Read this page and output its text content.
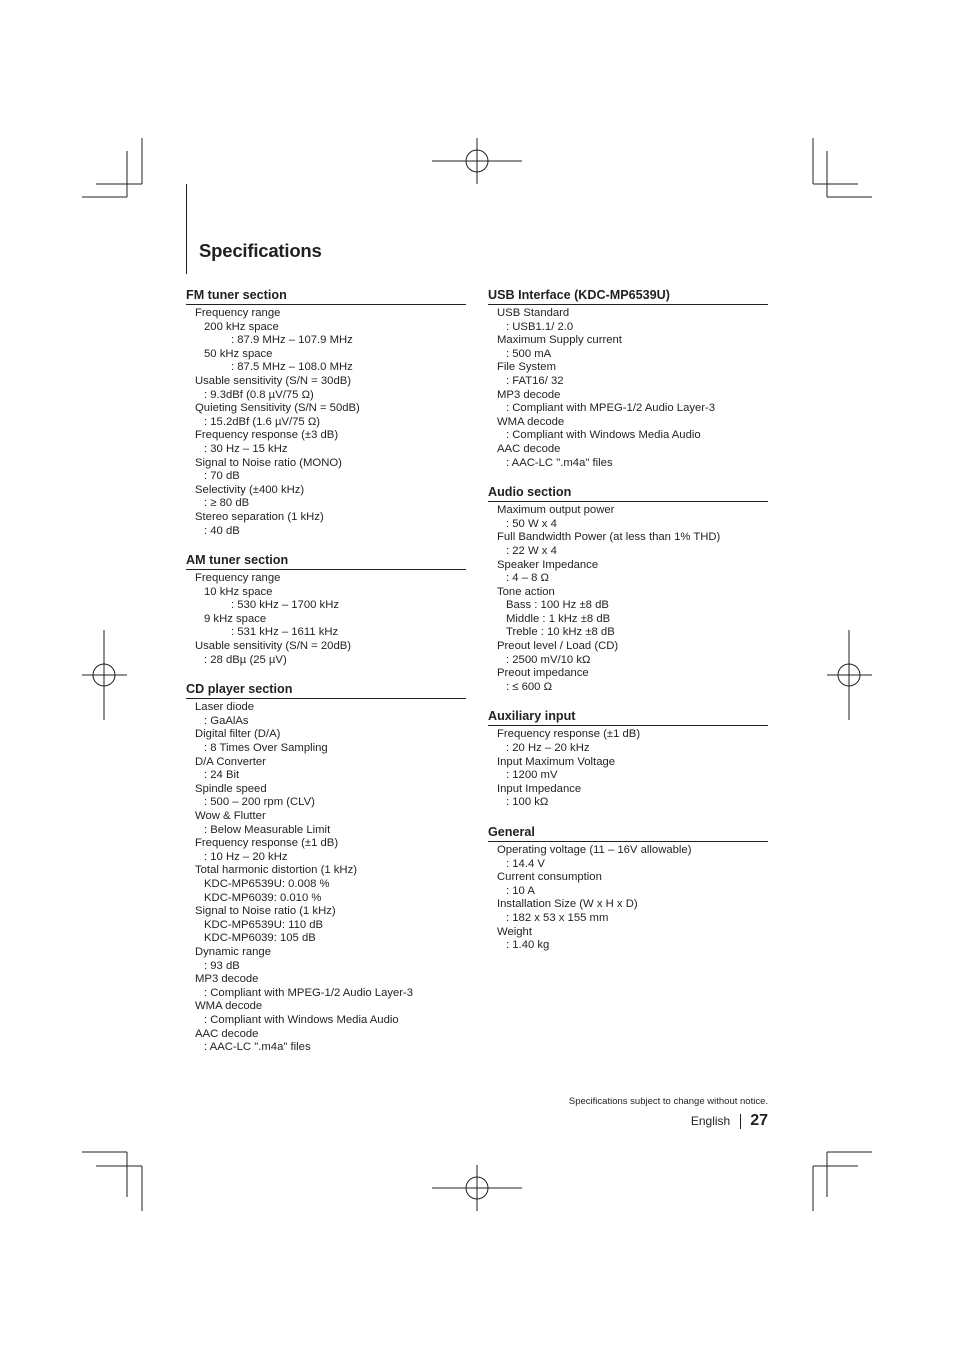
Specifications
FM tuner section
Frequency range
200 kHz space
: 87.9 MHz – 107.9 MHz
50 kHz space
: 87.5 MHz – 108.0 MHz
Usable sensitivity (S/N = 30dB)
: 9.3dBf (0.8 µV/75 Ω)
Quieting Sensitivity (S/N = 50dB)
: 15.2dBf (1.6 µV/75 Ω)
Frequency response (±3 dB)
: 30 Hz – 15 kHz
Signal to Noise ratio (MONO)
: 70 dB
Selectivity (±400 kHz)
: ≥ 80 dB
Stereo separation (1 kHz)
: 40 dB
AM tuner section
Frequency range
10 kHz space
: 530 kHz – 1700 kHz
9 kHz space
: 531 kHz – 1611 kHz
Usable sensitivity (S/N = 20dB)
: 28 dBµ (25 µV)
CD player section
Laser diode
: GaAlAs
Digital filter (D/A)
: 8 Times Over Sampling
D/A Converter
: 24 Bit
Spindle speed
: 500 – 200 rpm (CLV)
Wow & Flutter
: Below Measurable Limit
Frequency response (±1 dB)
: 10 Hz – 20 kHz
Total harmonic distortion (1 kHz)
KDC-MP6539U: 0.008 %
KDC-MP6039: 0.010 %
Signal to Noise ratio (1 kHz)
KDC-MP6539U: 110 dB
KDC-MP6039: 105 dB
Dynamic range
: 93 dB
MP3 decode
: Compliant with MPEG-1/2 Audio Layer-3
WMA decode
: Compliant with Windows Media Audio
AAC decode
: AAC-LC ".m4a" files
USB Interface (KDC-MP6539U)
USB Standard
: USB1.1/ 2.0
Maximum Supply current
: 500 mA
File System
: FAT16/ 32
MP3 decode
: Compliant with MPEG-1/2 Audio Layer-3
WMA decode
: Compliant with Windows Media Audio
AAC decode
: AAC-LC ".m4a" files
Audio section
Maximum output power
: 50 W x 4
Full Bandwidth Power (at less than 1% THD)
: 22 W x 4
Speaker Impedance
: 4 – 8 Ω
Tone action
Bass : 100 Hz ±8 dB
Middle : 1 kHz ±8 dB
Treble : 10 kHz ±8 dB
Preout level / Load (CD)
: 2500 mV/10 kΩ
Preout impedance
: ≤ 600 Ω
Auxiliary input
Frequency response (±1 dB)
: 20 Hz – 20 kHz
Input Maximum Voltage
: 1200 mV
Input Impedance
: 100 kΩ
General
Operating voltage (11 – 16V allowable)
: 14.4 V
Current consumption
: 10 A
Installation Size (W x H x D)
: 182 x 53 x 155 mm
Weight
: 1.40 kg
Specifications subject to change without notice.
English 27
